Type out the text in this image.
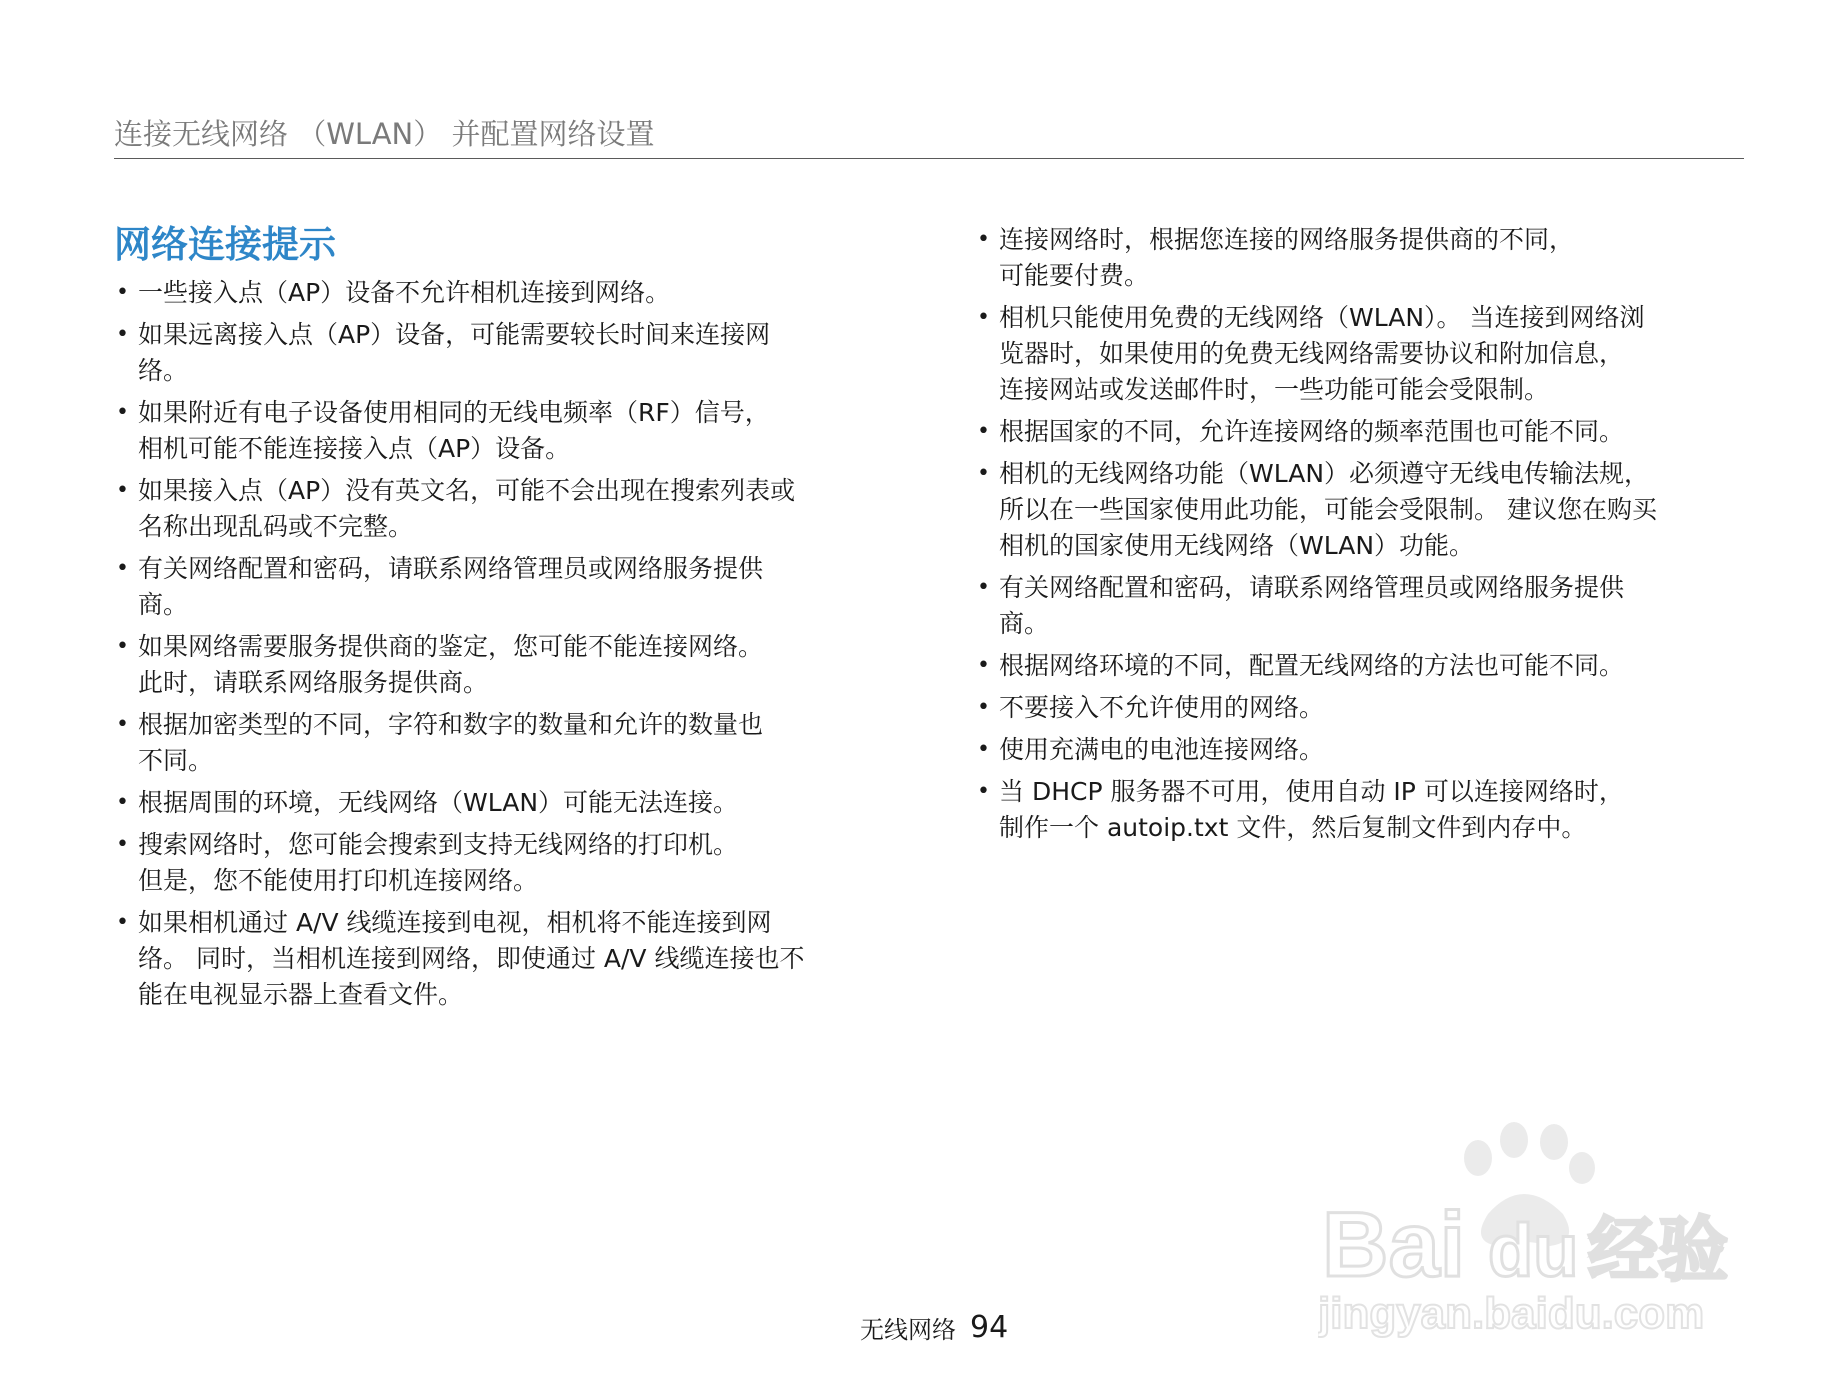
连接无线网络 （WLAN） 并配置网络设置
网络连接提示
• 一些接入点（AP）设备不允许相机连接到网络。
• 如果远离接入点（AP）设备，可能需要较长时间来连接网
络。
• 如果附近有电子设备使用相同的无线电频率（RF）信号，
相机可能不能连接接入点（AP）设备。
• 如果接入点（AP）没有英文名，可能不会出现在搜索列表或
名称出现乱码或不完整。
• 有关网络配置和密码，请联系网络管理员或网络服务提供
商。
• 如果网络需要服务提供商的鉴定，您可能不能连接网络。
此时，请联系网络服务提供商。
• 根据加密类型的不同，字符和数字的数量和允许的数量也
不同。
• 根据周围的环境，无线网络（WLAN）可能无法连接。
• 搜索网络时，您可能会搜索到支持无线网络的打印机。
但是，您不能使用打印机连接网络。
• 如果相机通过 A/V 线缆连接到电视，相机将不能连接到网
络。 同时，当相机连接到网络，即使通过 A/V 线缆连接也不
能在电视显示器上查看文件。
• 连接网络时，根据您连接的网络服务提供商的不同，
可能要付费。
• 相机只能使用免费的无线网络（WLAN）。 当连接到网络浏
览器时，如果使用的免费无线网络需要协议和附加信息，
连接网站或发送邮件时，一些功能可能会受限制。
• 根据国家的不同，允许连接网络的频率范围也可能不同。
• 相机的无线网络功能（WLAN）必须遵守无线电传输法规，
所以在一些国家使用此功能，可能会受限制。 建议您在购买
相机的国家使用无线网络（WLAN）功能。
• 有关网络配置和密码，请联系网络管理员或网络服务提供
商。
• 根据网络环境的不同，配置无线网络的方法也可能不同。
• 不要接入不允许使用的网络。
• 使用充满电的电池连接网络。
• 当 DHCP 服务器不可用，使用自动 IP 可以连接网络时，
制作一个 autoip.txt 文件，然后复制文件到内存中。
Bai du 经验
jingyan.baidu.com
无线网络 94
